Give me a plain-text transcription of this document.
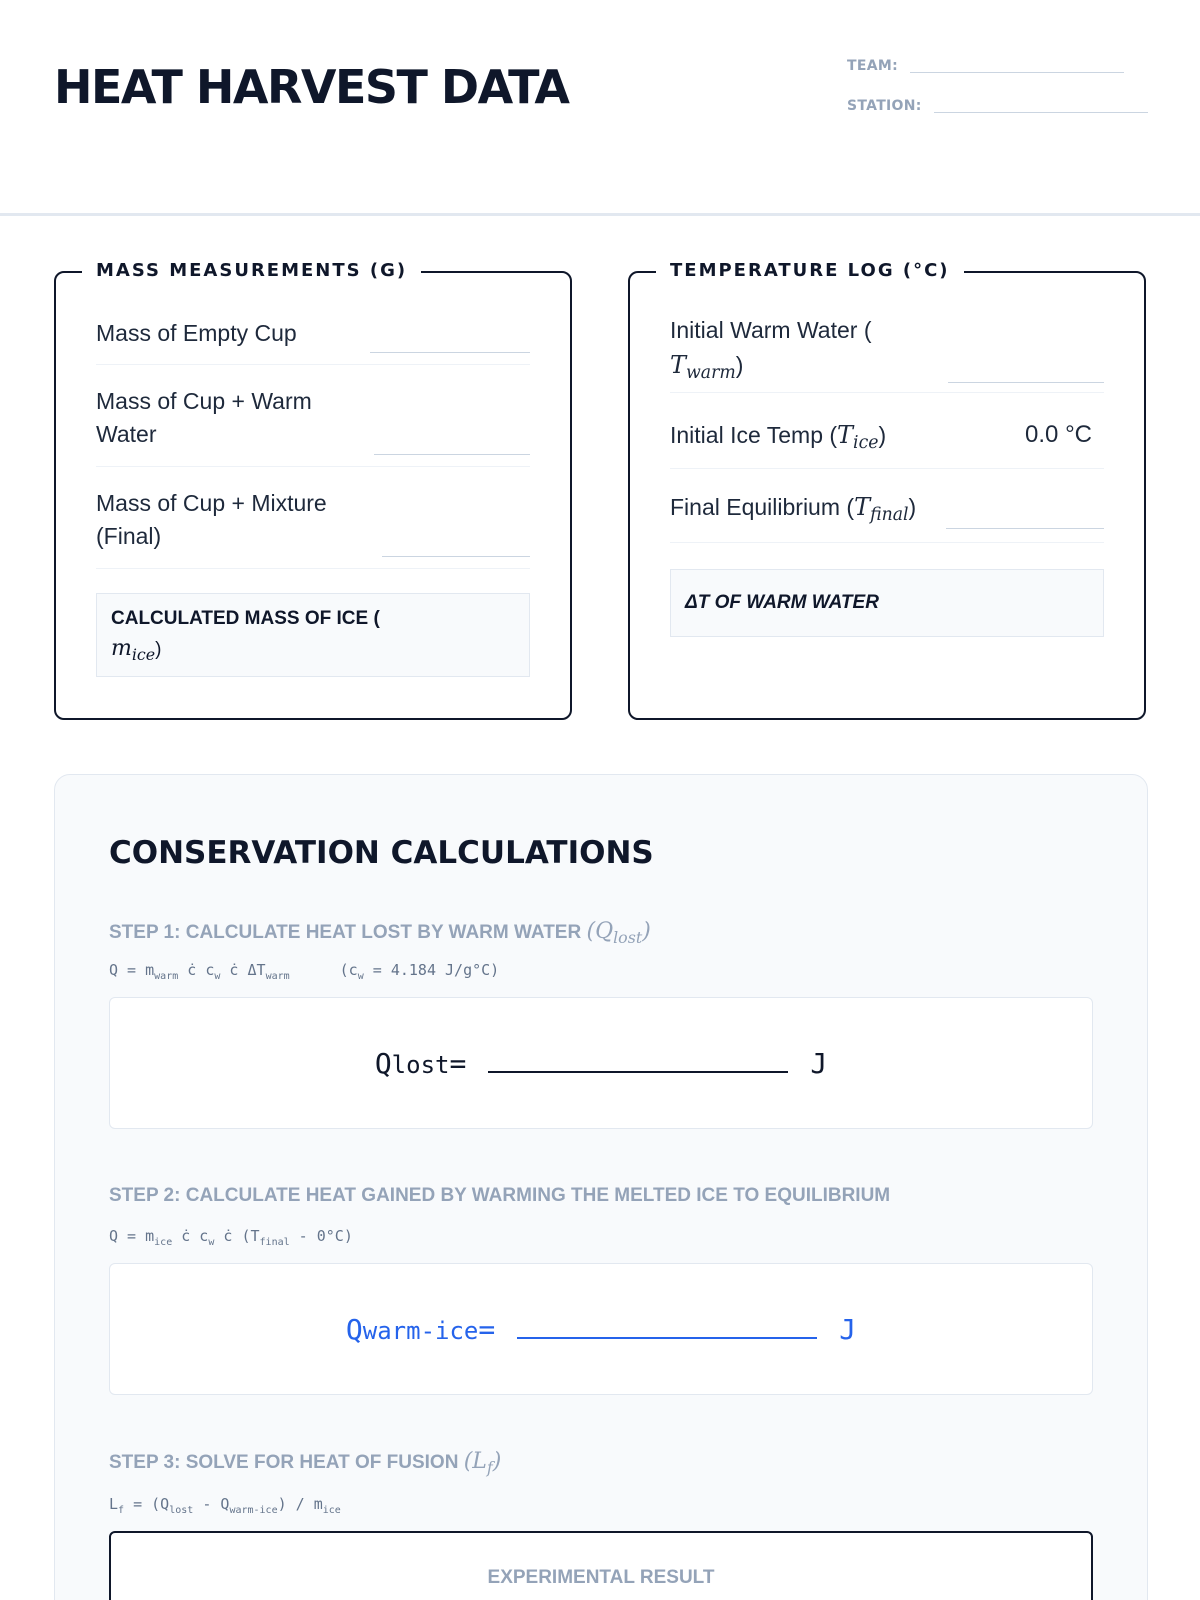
HEAT HARVEST DATA	TEAM:
STATION:
MASS MEASUREMENTS (G)
Mass of Empty Cup
Mass of Cup + Warm
Water
Mass of Cup + Mixture
(Final)
CALCULATED MASS OF ICE (
$m_{ice}$)
TEMPERATURE LOG (°C)
Initial Warm Water (
$T_{warm}$)
Initial Ice Temp $(T_{ice})$	0.0 °C
Final Equilibrium $(T_{final})$
ΔT OF WARM WATER
CONSERVATION CALCULATIONS
STEP 1: CALCULATE HEAT LOST BY WARM WATER $(Q_{lost})$
$Q = m_{warm}$ ċ $c_w$ ċ $\Delta T_{warm}$	($c_w = 4.184$ J/g°C)
Qlost=	J
STEP 2: CALCULATE HEAT GAINED BY WARMING THE MELTED ICE TO EQUILIBRIUM
$Q = m_{ice}$ ċ $c_w$ ċ $(T_{final} - 0^\circ C)$
Qwarm-ice=	J
STEP 3: SOLVE FOR HEAT OF FUSION $(L_f)$
$L_f = (Q_{lost} - Q_{warm-ice}) / m_{ice}$
EXPERIMENTAL RESULT
